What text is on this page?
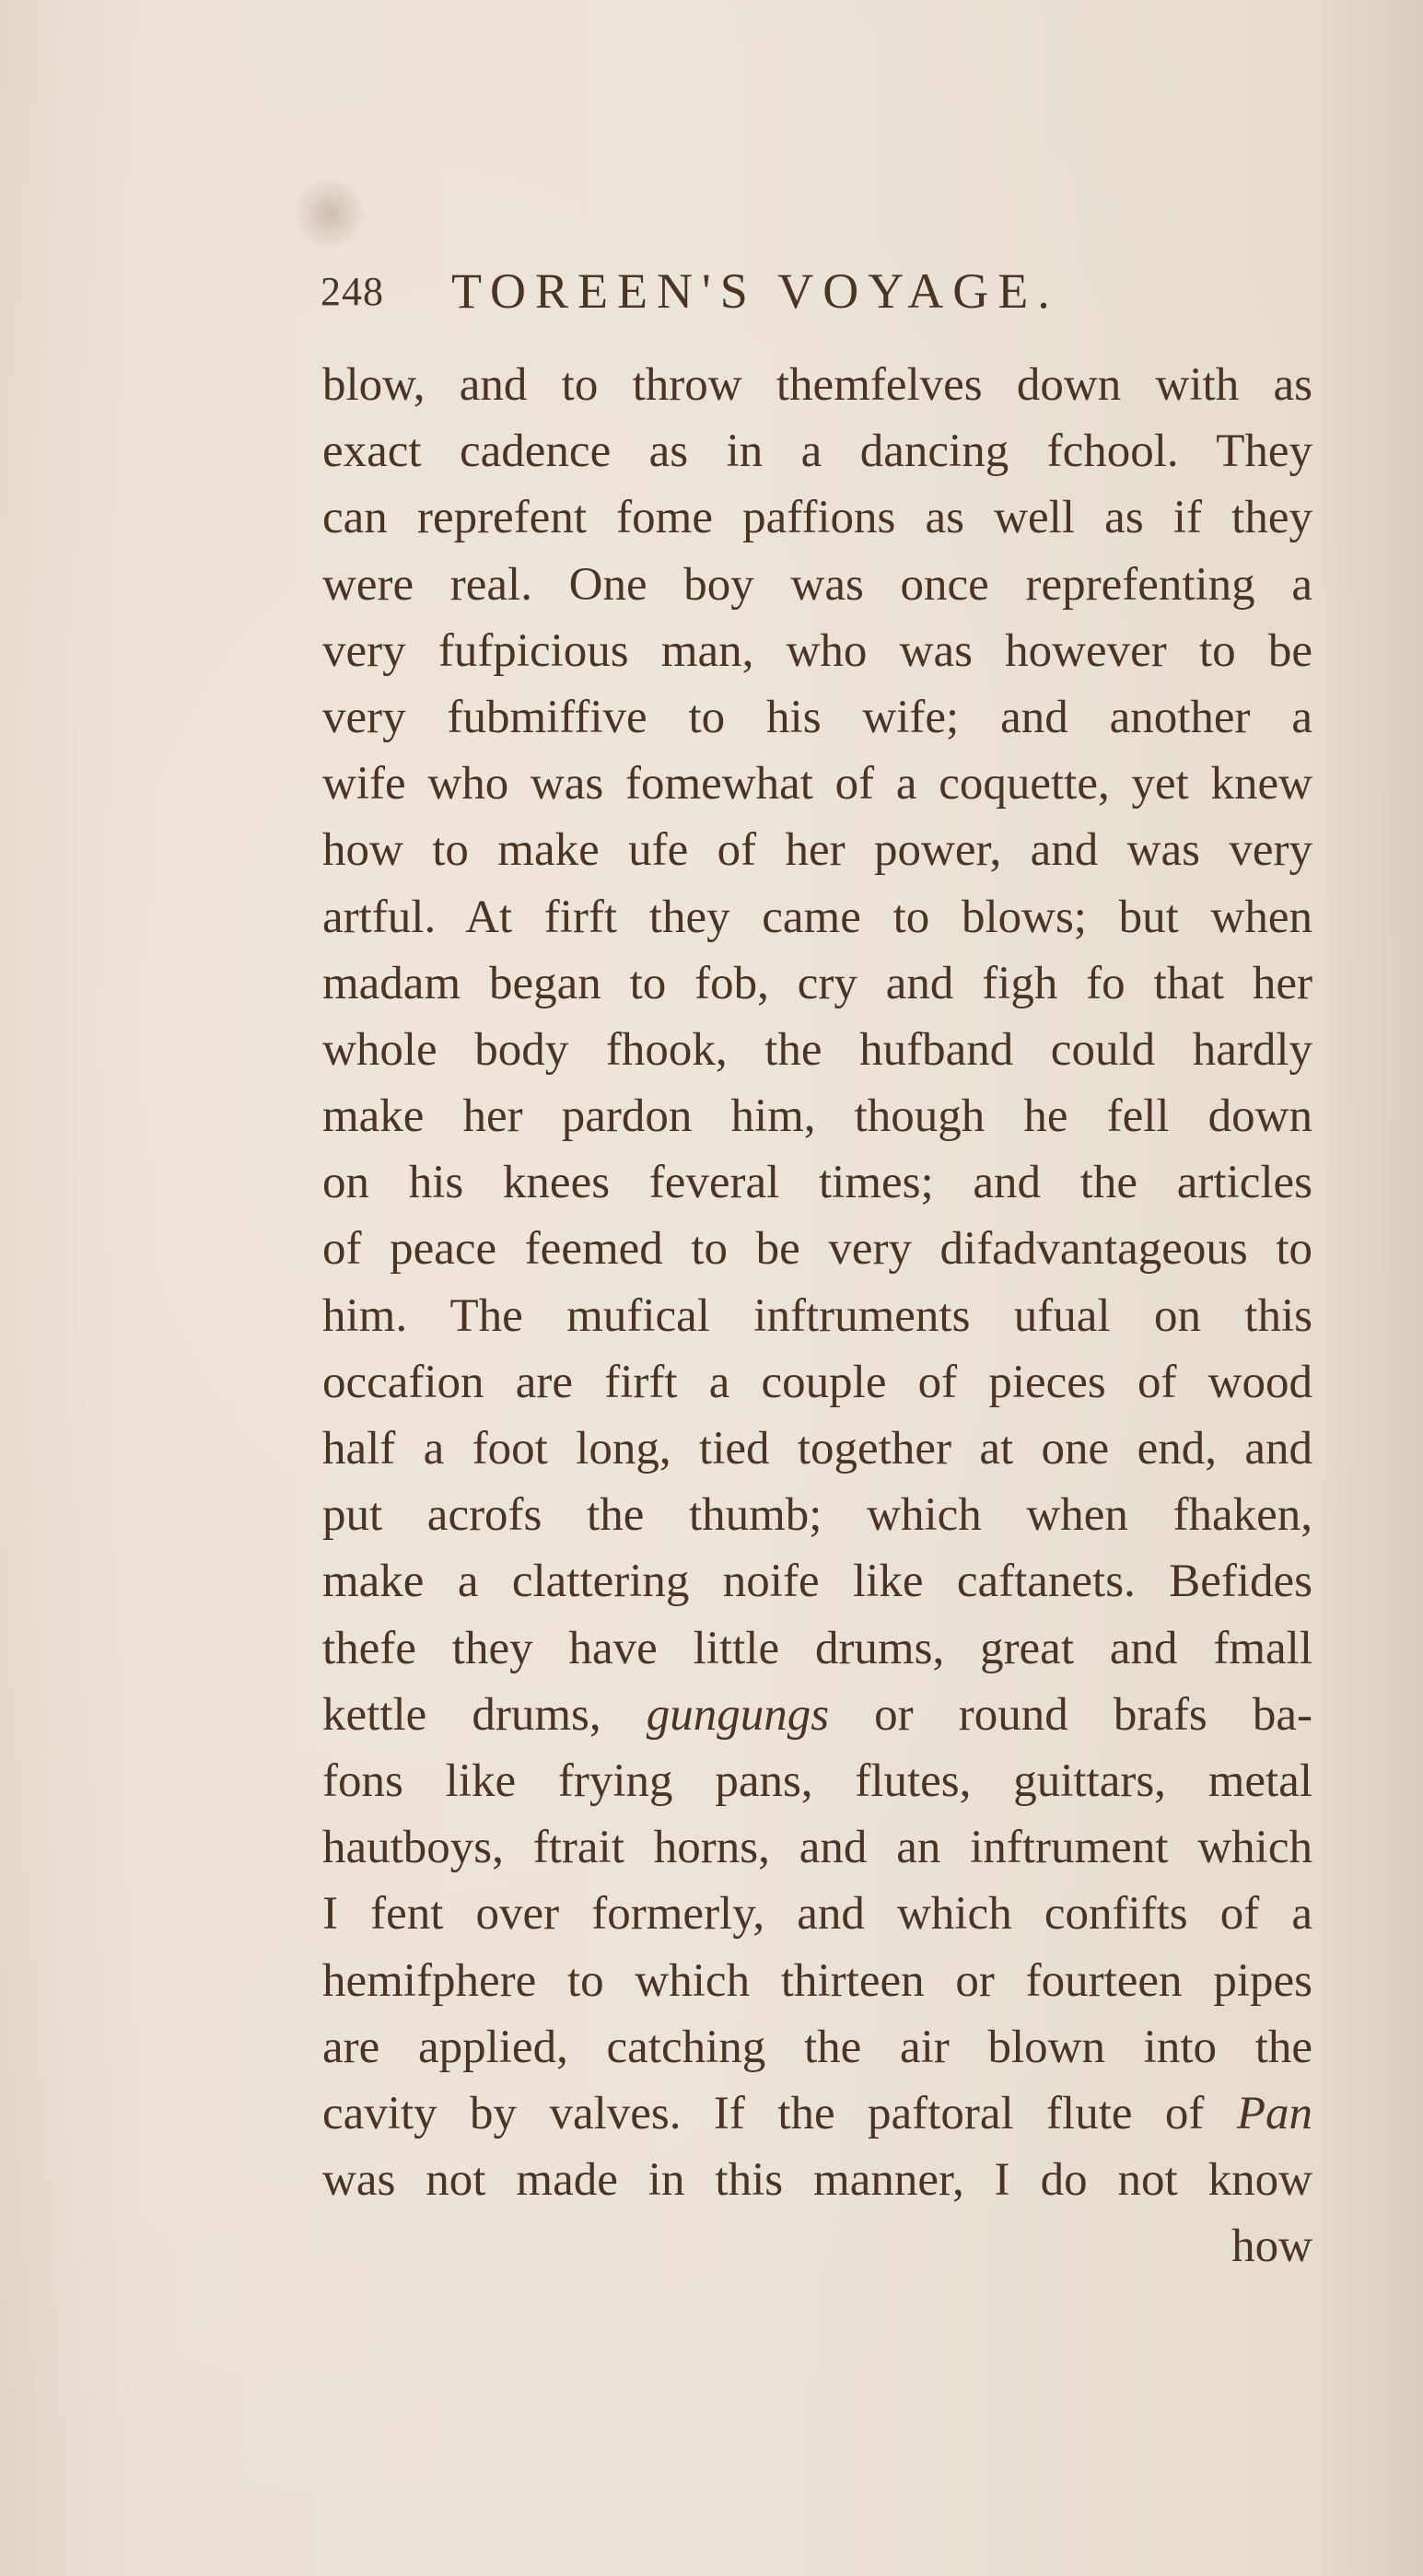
248 TOREEN'S VOYAGE.
blow, and to throw themfelves down with as
exact cadence as in a dancing fchool. They
can reprefent fome paffions as well as if they
were real. One boy was once reprefenting a
very fufpicious man, who was however to be
very fubmiffive to his wife; and another a
wife who was fomewhat of a coquette, yet knew
how to make ufe of her power, and was very
artful. At firft they came to blows; but when
madam began to fob, cry and figh fo that her
whole body fhook, the hufband could hardly
make her pardon him, though he fell down
on his knees feveral times; and the articles
of peace feemed to be very difadvantageous to
him. The mufical inftruments ufual on this
occafion are firft a couple of pieces of wood
half a foot long, tied together at one end, and
put acrofs the thumb; which when fhaken,
make a clattering noife like caftanets. Befides
thefe they have little drums, great and fmall
kettle drums, gungungs or round brafs ba-
fons like frying pans, flutes, guittars, metal
hautboys, ftrait horns, and an inftrument which
I fent over formerly, and which confifts of a
hemifphere to which thirteen or fourteen pipes
are applied, catching the air blown into the
cavity by valves. If the paftoral flute of Pan
was not made in this manner, I do not know
how
